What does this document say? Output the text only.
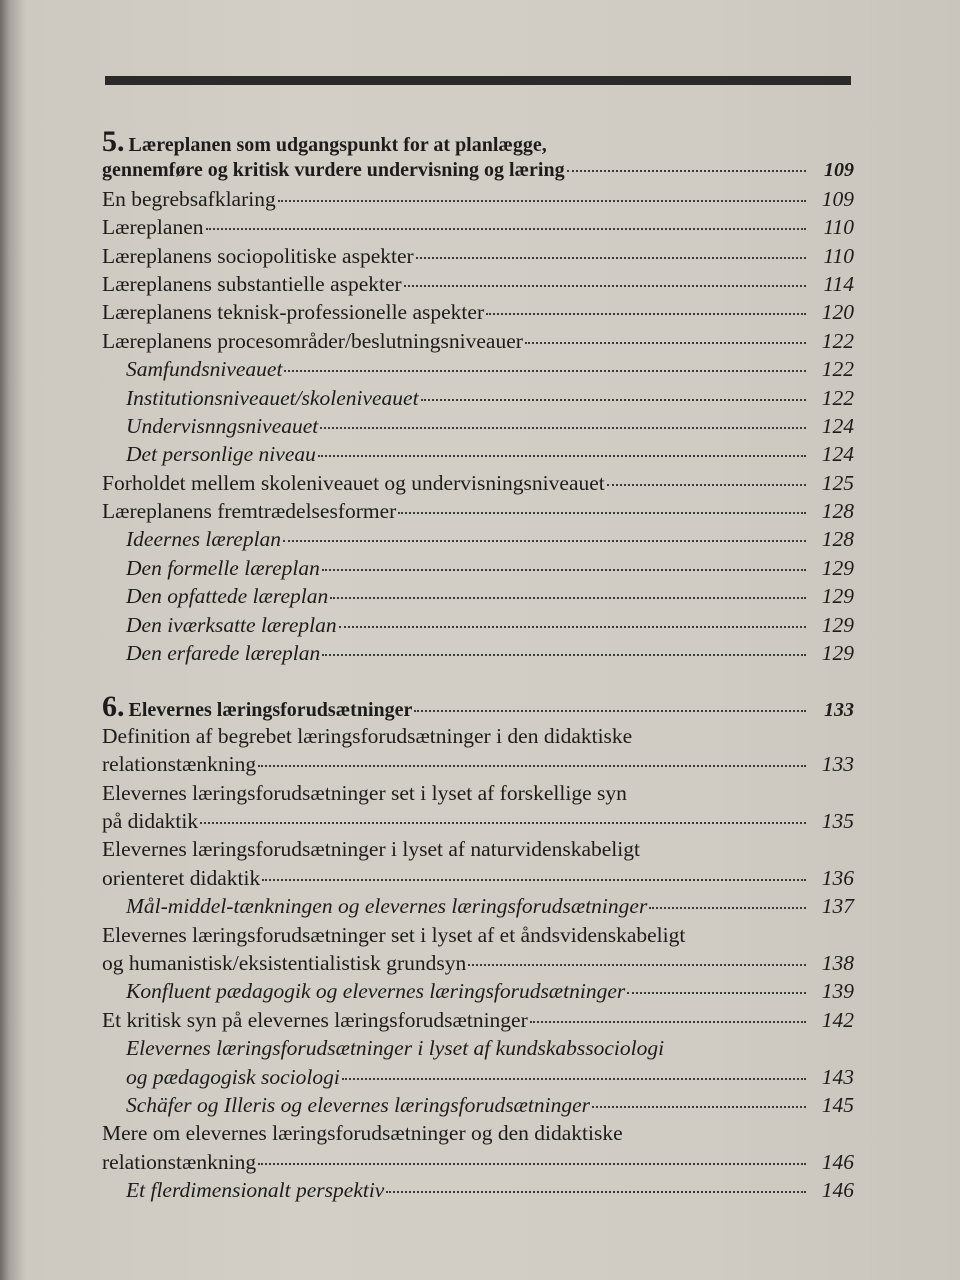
5. Læreplanen som udgangspunkt for at planlægge,
gennemføre og kritisk vurdere undervisning og læring	109
En begrebsafklaring	109
Læreplanen	110
Læreplanens sociopolitiske aspekter	110
Læreplanens substantielle aspekter	114
Læreplanens teknisk-professionelle aspekter	120
Læreplanens procesområder/beslutningsniveauer	122
Samfundsniveauet	122
Institutionsniveauet/skoleniveauet	122
Undervisnngsniveauet	124
Det personlige niveau	124
Forholdet mellem skoleniveauet og undervisningsniveauet	125
Læreplanens fremtrædelsesformer	128
Ideernes læreplan	128
Den formelle læreplan	129
Den opfattede læreplan	129
Den iværksatte læreplan	129
Den erfarede læreplan	129
6. Elevernes læringsforudsætninger	133
Definition af begrebet læringsforudsætninger i den didaktiske
relationstænkning	133
Elevernes læringsforudsætninger set i lyset af forskellige syn
på didaktik	135
Elevernes læringsforudsætninger i lyset af naturvidenskabeligt
orienteret didaktik	136
Mål-middel-tænkningen og elevernes læringsforudsætninger	137
Elevernes læringsforudsætninger set i lyset af et åndsvidenskabeligt
og humanistisk/eksistentialistisk grundsyn	138
Konfluent pædagogik og elevernes læringsforudsætninger	139
Et kritisk syn på elevernes læringsforudsætninger	142
Elevernes læringsforudsætninger i lyset af kundskabssociologi
og pædagogisk sociologi	143
Schäfer og Illeris og elevernes læringsforudsætninger	145
Mere om elevernes læringsforudsætninger og den didaktiske
relationstænkning	146
Et flerdimensionalt perspektiv	146
